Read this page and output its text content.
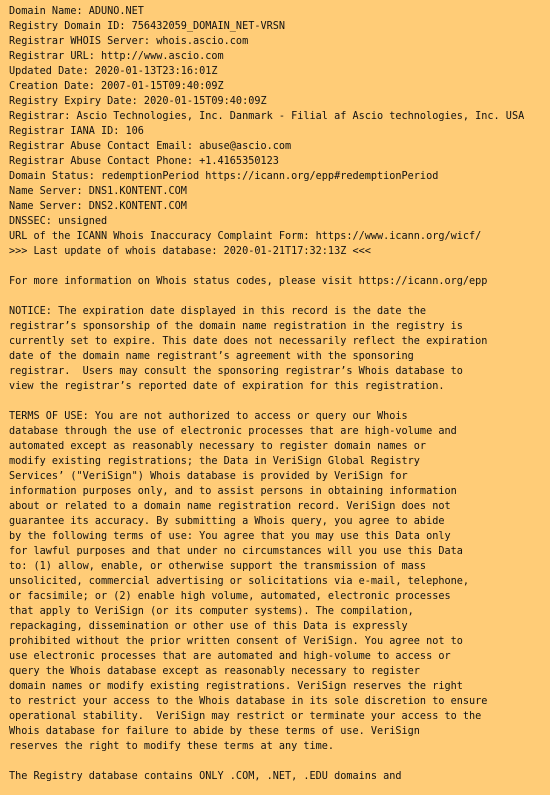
Domain Name: ADUNO.NET
Registry Domain ID: 756432059_DOMAIN_NET-VRSN
Registrar WHOIS Server: whois.ascio.com
Registrar URL: http://www.ascio.com
Updated Date: 2020-01-13T23:16:01Z
Creation Date: 2007-01-15T09:40:09Z
Registry Expiry Date: 2020-01-15T09:40:09Z
Registrar: Ascio Technologies, Inc. Danmark - Filial af Ascio technologies, Inc. USA
Registrar IANA ID: 106
Registrar Abuse Contact Email: abuse@ascio.com
Registrar Abuse Contact Phone: +1.4165350123
Domain Status: redemptionPeriod https://icann.org/epp#redemptionPeriod
Name Server: DNS1.KONTENT.COM
Name Server: DNS2.KONTENT.COM
DNSSEC: unsigned
URL of the ICANN Whois Inaccuracy Complaint Form: https://www.icann.org/wicf/
>>> Last update of whois database: 2020-01-21T17:32:13Z <<<
For more information on Whois status codes, please visit https://icann.org/epp
NOTICE: The expiration date displayed in this record is the date the
registrar’s sponsorship of the domain name registration in the registry is
currently set to expire. This date does not necessarily reflect the expiration
date of the domain name registrant’s agreement with the sponsoring
registrar.  Users may consult the sponsoring registrar’s Whois database to
view the registrar’s reported date of expiration for this registration.
TERMS OF USE: You are not authorized to access or query our Whois
database through the use of electronic processes that are high-volume and
automated except as reasonably necessary to register domain names or
modify existing registrations; the Data in VeriSign Global Registry
Services’ ("VeriSign") Whois database is provided by VeriSign for
information purposes only, and to assist persons in obtaining information
about or related to a domain name registration record. VeriSign does not
guarantee its accuracy. By submitting a Whois query, you agree to abide
by the following terms of use: You agree that you may use this Data only
for lawful purposes and that under no circumstances will you use this Data
to: (1) allow, enable, or otherwise support the transmission of mass
unsolicited, commercial advertising or solicitations via e-mail, telephone,
or facsimile; or (2) enable high volume, automated, electronic processes
that apply to VeriSign (or its computer systems). The compilation,
repackaging, dissemination or other use of this Data is expressly
prohibited without the prior written consent of VeriSign. You agree not to
use electronic processes that are automated and high-volume to access or
query the Whois database except as reasonably necessary to register
domain names or modify existing registrations. VeriSign reserves the right
to restrict your access to the Whois database in its sole discretion to ensure
operational stability.  VeriSign may restrict or terminate your access to the
Whois database for failure to abide by these terms of use. VeriSign
reserves the right to modify these terms at any time.
The Registry database contains ONLY .COM, .NET, .EDU domains and
